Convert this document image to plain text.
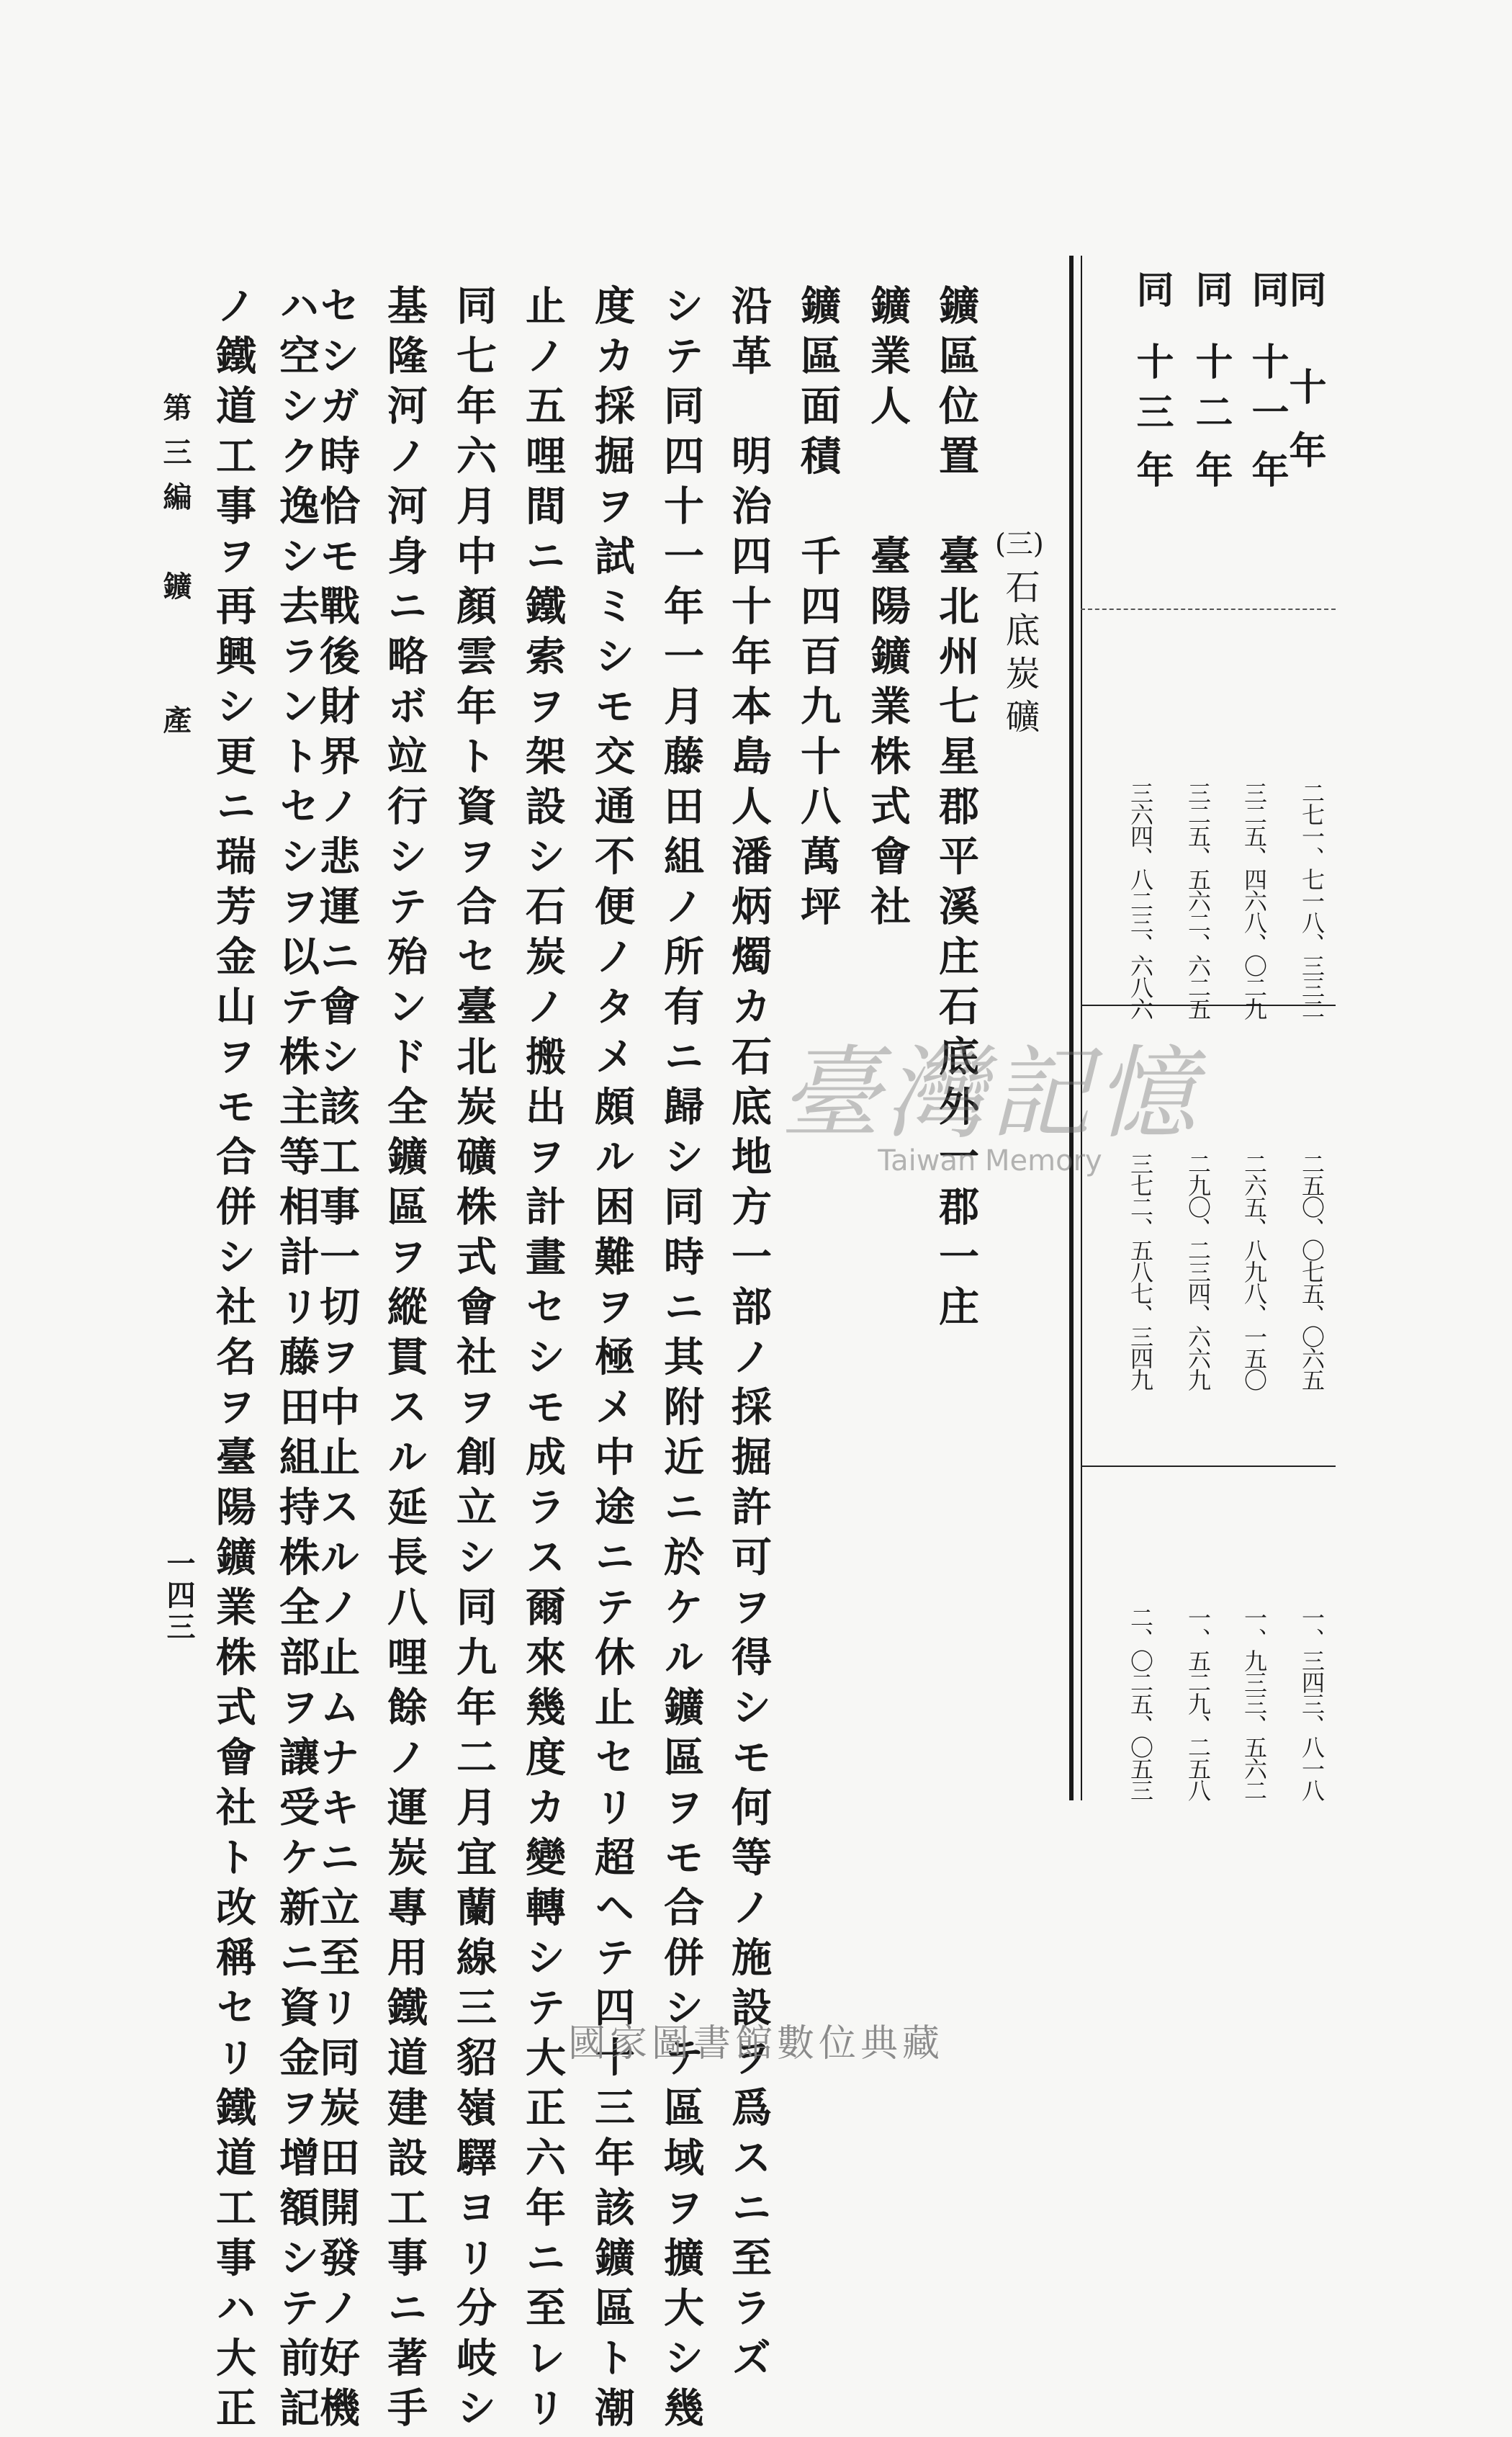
同
十
年
二七一、七一八、三三二
二五〇、〇七五、〇六五
一、三四三、八一八
同
十一
年
三二五、四六八、〇二九
二六五、八九八、一五〇
一、九三三、五六二
同
十二
年
三二五、五六二、六二五
二九〇、二三四、六六九
一、五二九、二五八
同
十三
年
三六四、八二三、六八六
三七二、五八七、三四九
二、〇二五、〇五三
(三)
石底炭礦
鑛區位置　臺北州七星郡平溪庄石底外一郡一庄
鑛業人　　臺陽鑛業株式會社
鑛區面積　千四百九十八萬坪
沿革　明治四十年本島人潘炳燭カ石底地方一部ノ採掘許可ヲ得シモ何等ノ施設ヲ爲スニ至ラズ
シテ同四十一年一月藤田組ノ所有ニ歸シ同時ニ其附近ニ於ケル鑛區ヲモ合併シテ區域ヲ擴大シ幾
度カ採掘ヲ試ミシモ交通不便ノタメ頗ル困難ヲ極メ中途ニテ休止セリ超ヘテ四十三年該鑛區ト潮
止ノ五哩間ニ鐵索ヲ架設シ石炭ノ搬出ヲ計畫セシモ成ラス爾來幾度カ變轉シテ大正六年ニ至レリ
同七年六月中顏雲年ト資ヲ合セ臺北炭礦株式會社ヲ創立シ同九年二月宜蘭線三貂嶺驛ヨリ分岐シ
基隆河ノ河身ニ略ボ竝行シテ殆ンド全鑛區ヲ縱貫スル延長八哩餘ノ運炭專用鐵道建設工事ニ著手
セシガ時恰モ戰後財界ノ悲運ニ會シ該工事一切ヲ中止スルノ止ムナキニ立至リ同炭田開發ノ好機
ハ空シク逸シ去ラントセシヲ以テ株主等相計リ藤田組持株全部ヲ讓受ケ新ニ資金ヲ增額シテ前記
ノ鐵道工事ヲ再興シ更ニ瑞芳金山ヲモ合併シ社名ヲ臺陽鑛業株式會社ト改稱セリ鐵道工事ハ大正
第三編　鑛　　產
一四三
臺灣記憶
Taiwan Memory
國家圖書館數位典藏
